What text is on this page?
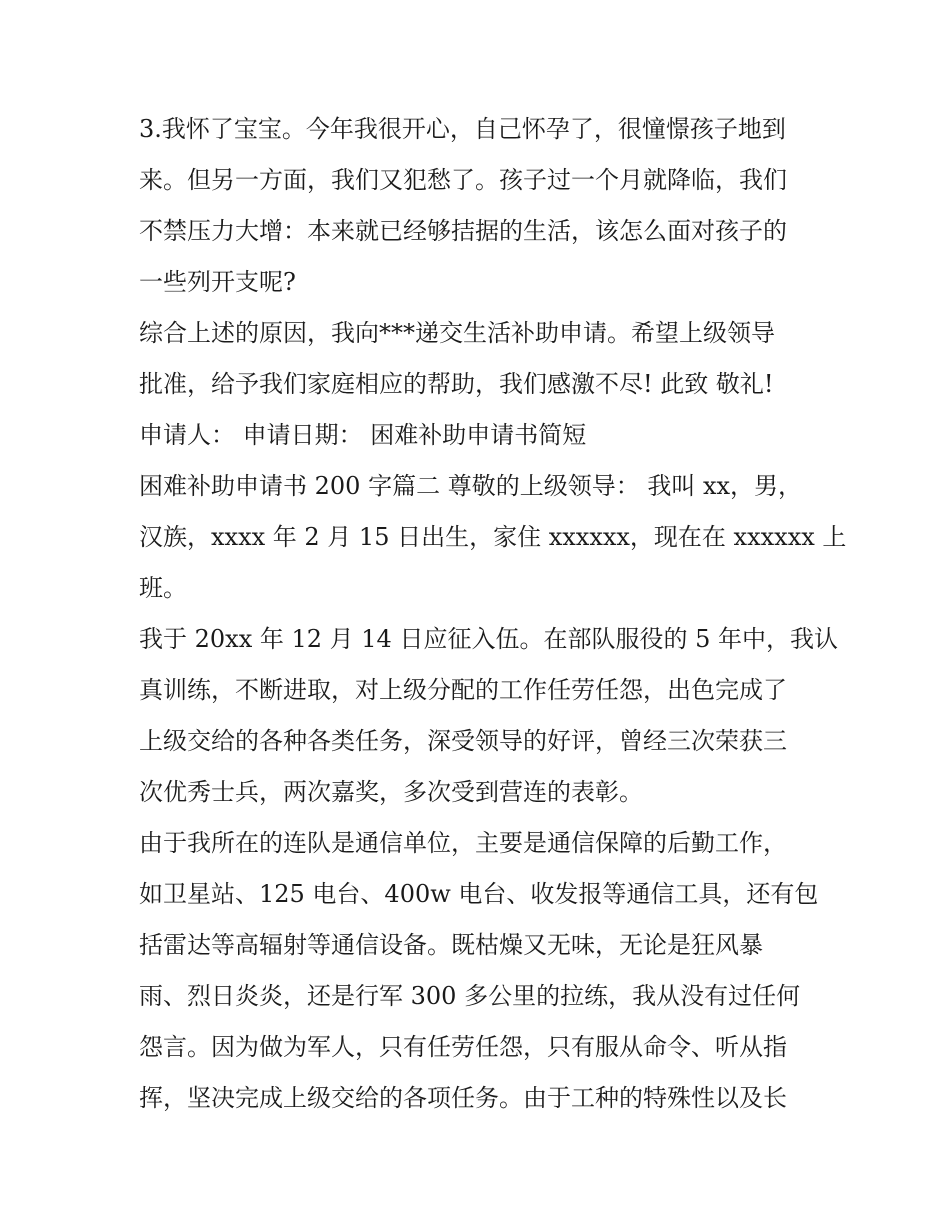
3.我怀了宝宝。今年我很开心，自己怀孕了，很憧憬孩子地到
来。但另一方面，我们又犯愁了。孩子过一个月就降临，我们
不禁压力大增：本来就已经够拮据的生活，该怎么面对孩子的
一些列开支呢?
综合上述的原因，我向***递交生活补助申请。希望上级领导
批准，给予我们家庭相应的帮助，我们感激不尽! 此致 敬礼!
申请人： 申请日期： 困难补助申请书简短
困难补助申请书 200 字篇二 尊敬的上级领导： 我叫 xx，男，
汉族，xxxx 年 2 月 15 日出生，家住 xxxxxx，现在在 xxxxxx 上
班。
我于 20xx 年 12 月 14 日应征入伍。在部队服役的 5 年中，我认
真训练，不断进取，对上级分配的工作任劳任怨，出色完成了
上级交给的各种各类任务，深受领导的好评，曾经三次荣获三
次优秀士兵，两次嘉奖，多次受到营连的表彰。
由于我所在的连队是通信单位，主要是通信保障的后勤工作，
如卫星站、125 电台、400w 电台、收发报等通信工具，还有包
括雷达等高辐射等通信设备。既枯燥又无味，无论是狂风暴
雨、烈日炎炎，还是行军 300 多公里的拉练，我从没有过任何
怨言。因为做为军人，只有任劳任怨，只有服从命令、听从指
挥，坚决完成上级交给的各项任务。由于工种的特殊性以及长
